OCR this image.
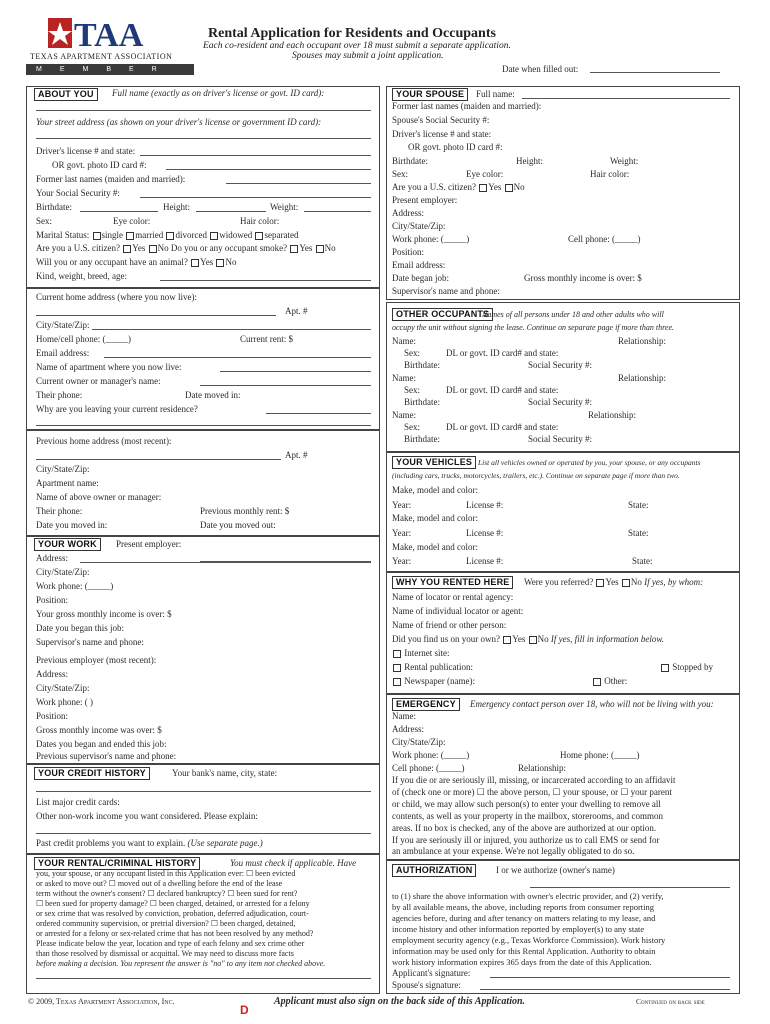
TAA
TEXAS APARTMENT ASSOCIATION
MEMBER
Rental Application for Residents and Occupants
Each co-resident and each occupant over 18 must submit a separate application.
Spouses may submit a joint application.
Date when filled out:
ABOUT YOU	Full name (exactly as on driver's license or govt. ID card):
Your street address (as shown on your driver's license or government ID card):
Driver's license # and state:
OR govt. photo ID card #:
Former last names (maiden and married):
Your Social Security #:
Birthdate:	Height:	Weight:
Sex:	Eye color:	Hair color:
Marital Status: single married divorced widowed separated
Are you a U.S. citizen? Yes No Do you or any occupant smoke? Yes No
Will you or any occupant have an animal? Yes No
Kind, weight, breed, age:
Current home address (where you now live):
Apt. #
City/State/Zip:
Home/cell phone: (_____)	Current rent: $
Email address:
Name of apartment where you now live:
Current owner or manager's name:
Their phone:	Date moved in:
Why are you leaving your current residence?
Previous home address (most recent):
Apt. #
City/State/Zip:
Apartment name:
Name of above owner or manager:
Their phone:	Previous monthly rent: $
Date you moved in:	Date you moved out:
YOUR WORK	Present employer:
Address:
City/State/Zip:
Work phone: (_____)
Position:
Your gross monthly income is over: $
Date you began this job:
Supervisor's name and phone:
Previous employer (most recent):
Address:
City/State/Zip:
Work phone: ( )
Position:
Gross monthly income was over: $
Dates you began and ended this job:
Previous supervisor's name and phone:
YOUR CREDIT HISTORY	Your bank's name, city, state:
List major credit cards:
Other non-work income you want considered. Please explain:
Past credit problems you want to explain. (Use separate page.)
YOUR RENTAL/CRIMINAL HISTORY	You must check if applicable. Have
you, your spouse, or any occupant listed in this Application ever: ☐ been evicted
or asked to move out? ☐ moved out of a dwelling before the end of the lease
term without the owner's consent? ☐ declared bankruptcy? ☐ been sued for rent?
☐ been sued for property damage? ☐ been charged, detained, or arrested for a felony
or sex crime that was resolved by conviction, probation, deferred adjudication, court-
ordered community supervision, or pretrial diversion? ☐ been charged, detained,
or arrested for a felony or sex-related crime that has not been resolved by any method?
Please indicate below the year, location and type of each felony and sex crime other
than those resolved by dismissal or acquittal. We may need to discuss more facts
before making a decision. You represent the answer is "no" to any item not checked above.
YOUR SPOUSE	Full name:
Former last names (maiden and married):
Spouse's Social Security #:
Driver's license # and state:
OR govt. photo ID card #:
Birthdate:	Height:	Weight:
Sex:	Eye color:	Hair color:
Are you a U.S. citizen? Yes No
Present employer:
Address:
City/State/Zip:
Work phone: (_____)	Cell phone: (_____)
Position:
Email address:
Date began job:	Gross monthly income is over: $
Supervisor's name and phone:
OTHER OCCUPANTS
Names of all persons under 18 and other adults who will
occupy the unit without signing the lease. Continue on separate page if more than three.
Name:	Relationship:
Sex:	DL or govt. ID card# and state:
Birthdate:	Social Security #:
Name:	Relationship:
Sex:	DL or govt. ID card# and state:
Birthdate:	Social Security #:
Name:	Relationship:
Sex:	DL or govt. ID card# and state:
Birthdate:	Social Security #:
YOUR VEHICLES List all vehicles owned or operated by you, your spouse, or any occupants
(including cars, trucks, motorcycles, trailers, etc.). Continue on separate page if more than two.
Make, model and color:
Year:	License #:	State:
Make, model and color:
Year:	License #:	State:
Make, model and color:
Year:	License #:	State:
WHY YOU RENTED HERE	Were you referred? Yes No If yes, by whom:
Name of locator or rental agency:
Name of individual locator or agent:
Name of friend or other person:
Did you find us on your own? Yes No If yes, fill in information below.
Internet site:
Rental publication:	Stopped by
Newspaper (name):	Other:
EMERGENCY	Emergency contact person over 18, who will not be living with you:
Name:
Address:
City/State/Zip:
Work phone: (_____)	Home phone: (_____)
Cell phone: (_____)	Relationship:
If you die or are seriously ill, missing, or incarcerated according to an affidavit
of (check one or more) ☐ the above person, ☐ your spouse, or ☐ your parent
or child, we may allow such person(s) to enter your dwelling to remove all
contents, as well as your property in the mailbox, storerooms, and common
areas. If no box is checked, any of the above are authorized at our option.
If you are seriously ill or injured, you authorize us to call EMS or send for
an ambulance at your expense. We're not legally obligated to do so.
AUTHORIZATION	I or we authorize (owner's name)
to (1) share the above information with owner's electric provider, and (2) verify,
by all available means, the above, including reports from consumer reporting
agencies before, during and after tenancy on matters relating to my lease, and
income history and other information reported by employer(s) to any state
employment security agency (e.g., Texas Workforce Commission). Work history
information may be used only for this Rental Application. Authority to obtain
work history information expires 365 days from the date of this Application.
Applicant's signature:
Spouse's signature:
© 2009, Texas Apartment Association, Inc.	Applicant must also sign on the back side of this Application.	Continued on back side
D
